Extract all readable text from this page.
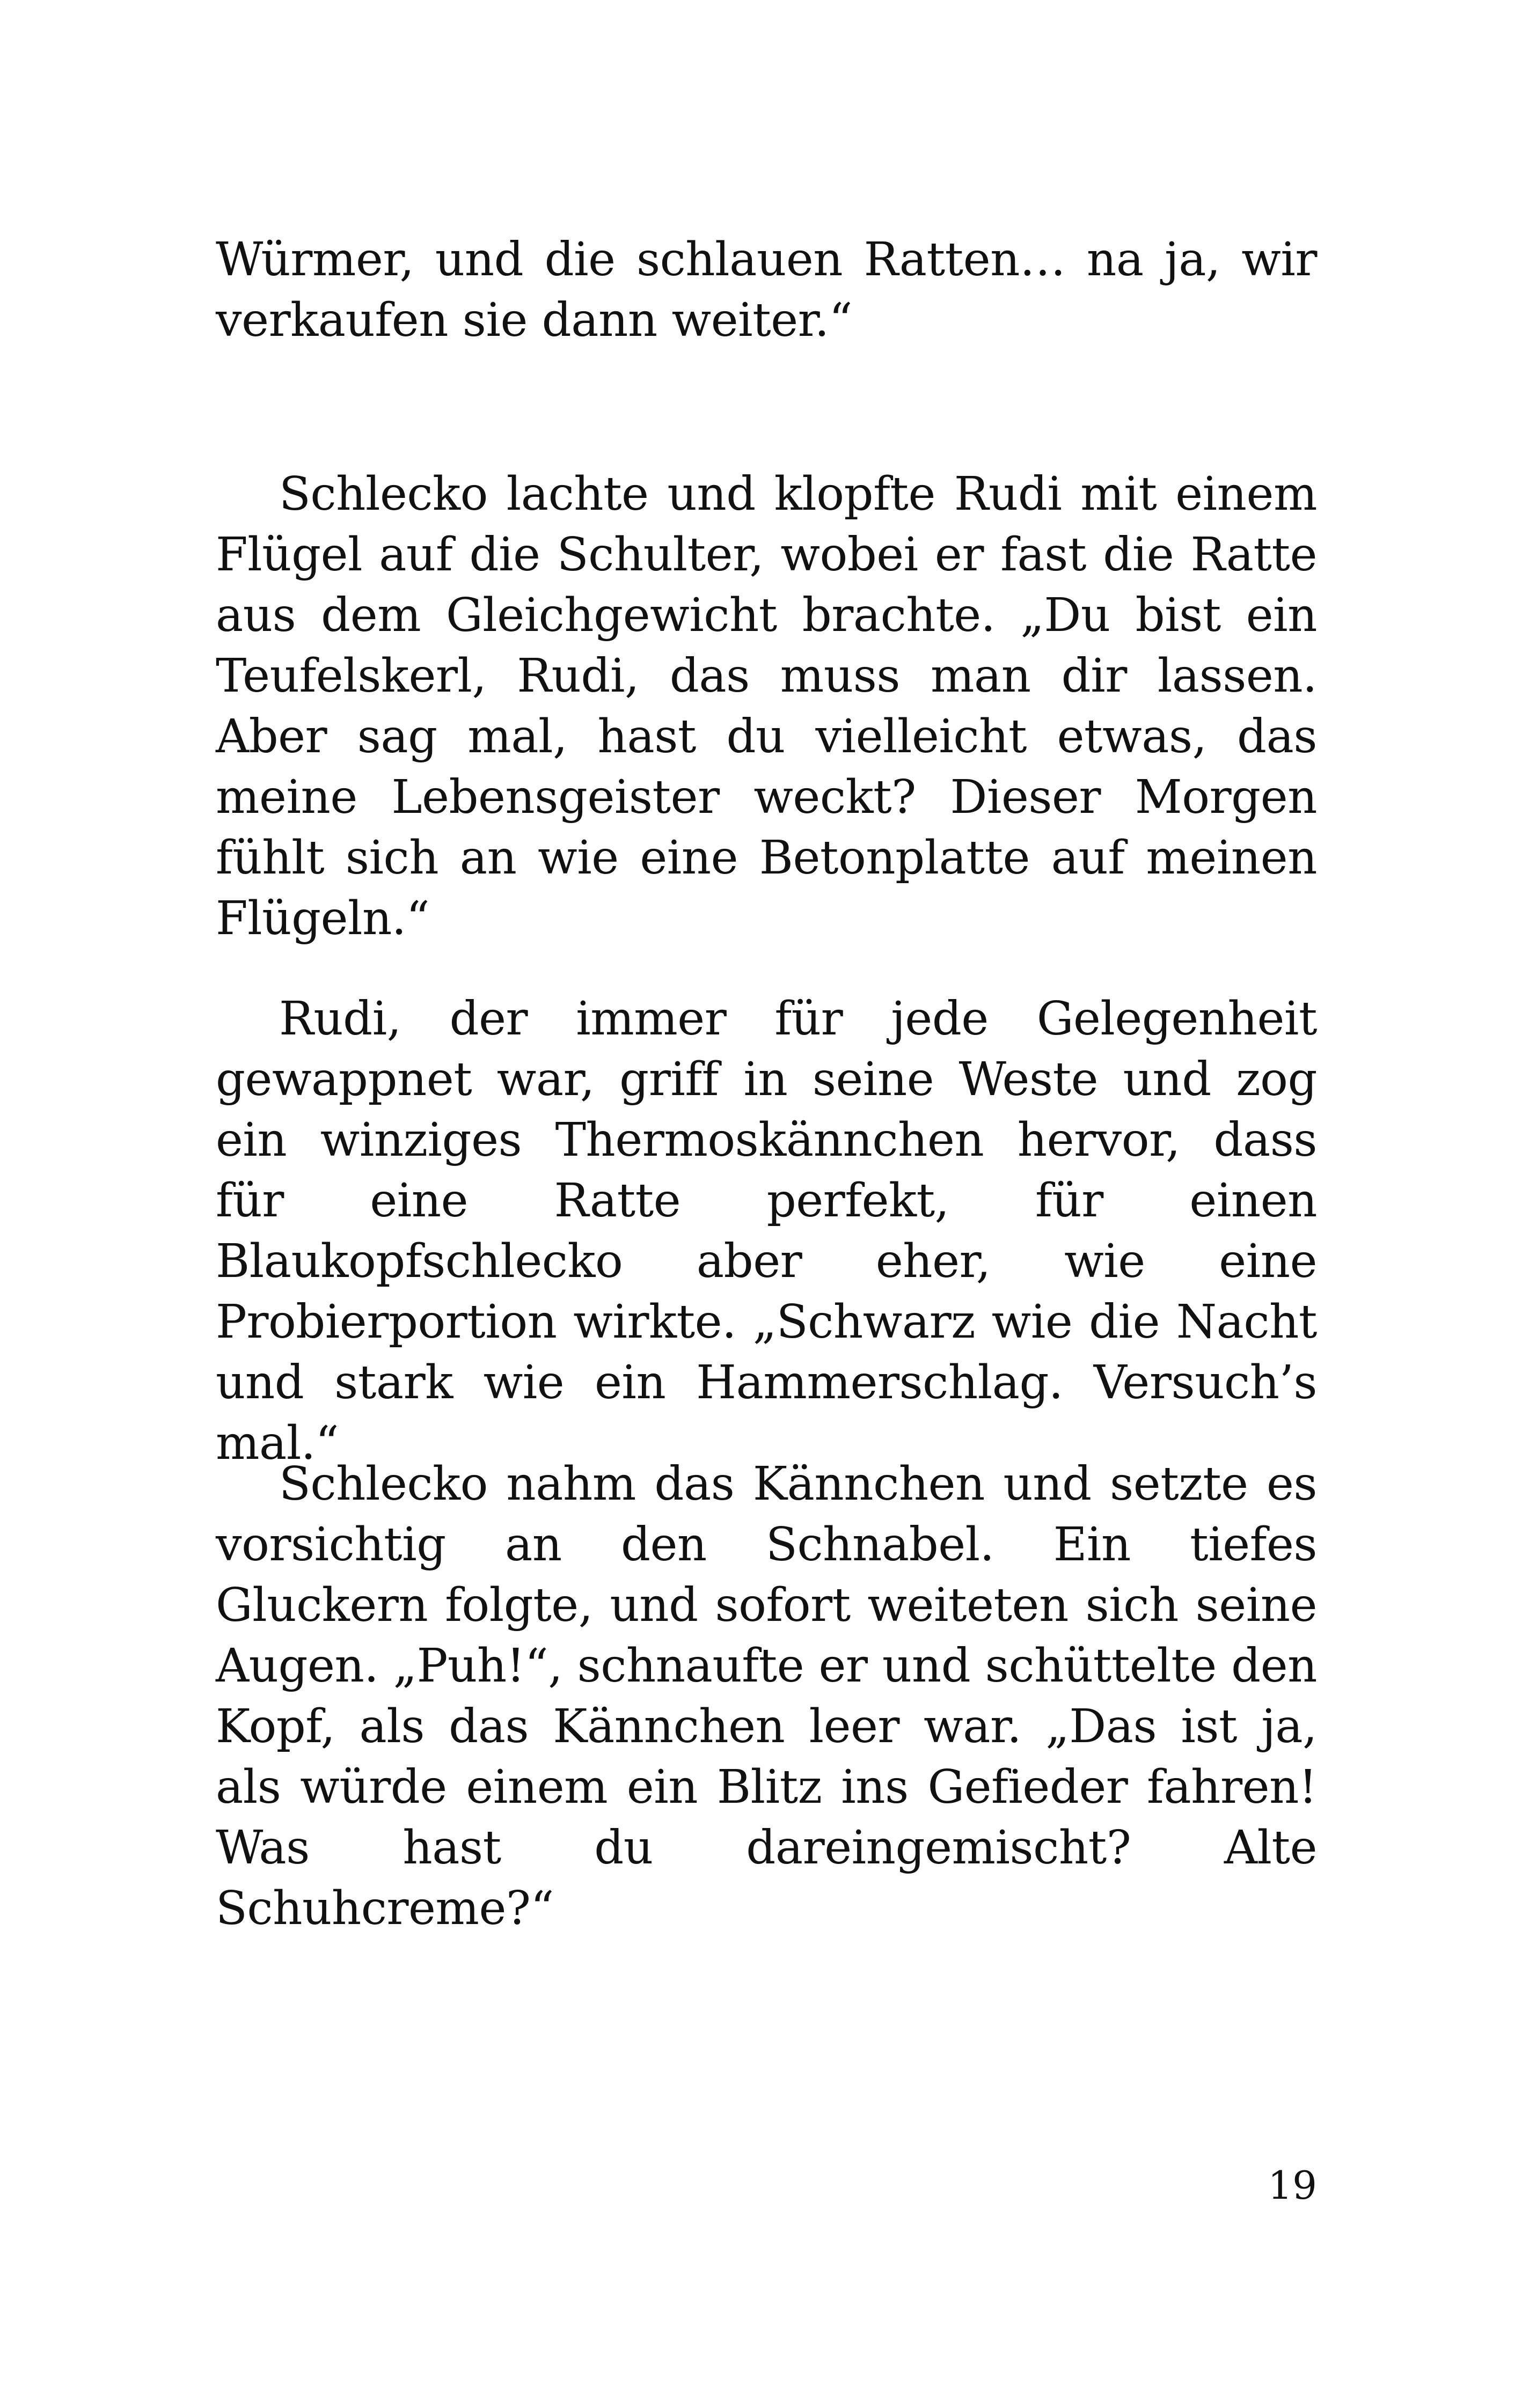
Würmer, und die schlauen Ratten… na ja, wir verkaufen sie dann weiter.“

Schlecko lachte und klopfte Rudi mit einem Flügel auf die Schulter, wobei er fast die Ratte aus dem Gleichgewicht brachte. „Du bist ein Teufelskerl, Rudi, das muss man dir lassen. Aber sag mal, hast du vielleicht etwas, das meine Lebensgeister weckt? Dieser Morgen fühlt sich an wie eine Betonplatte auf meinen Flügeln.“

Rudi, der immer für jede Gelegenheit gewappnet war, griff in seine Weste und zog ein winziges Thermoskännchen hervor, dass für eine Ratte perfekt, für einen Blaukopfschlecko aber eher, wie eine Probierportion wirkte. „Schwarz wie die Nacht und stark wie ein Hammerschlag. Versuch’s mal.“

Schlecko nahm das Kännchen und setzte es vorsichtig an den Schnabel. Ein tiefes Gluckern folgte, und sofort weiteten sich seine Augen. „Puh!“, schnaufte er und schüttelte den Kopf, als das Kännchen leer war. „Das ist ja, als würde einem ein Blitz ins Gefieder fahren! Was hast du dareingemischt? Alte Schuhcreme?“

19
